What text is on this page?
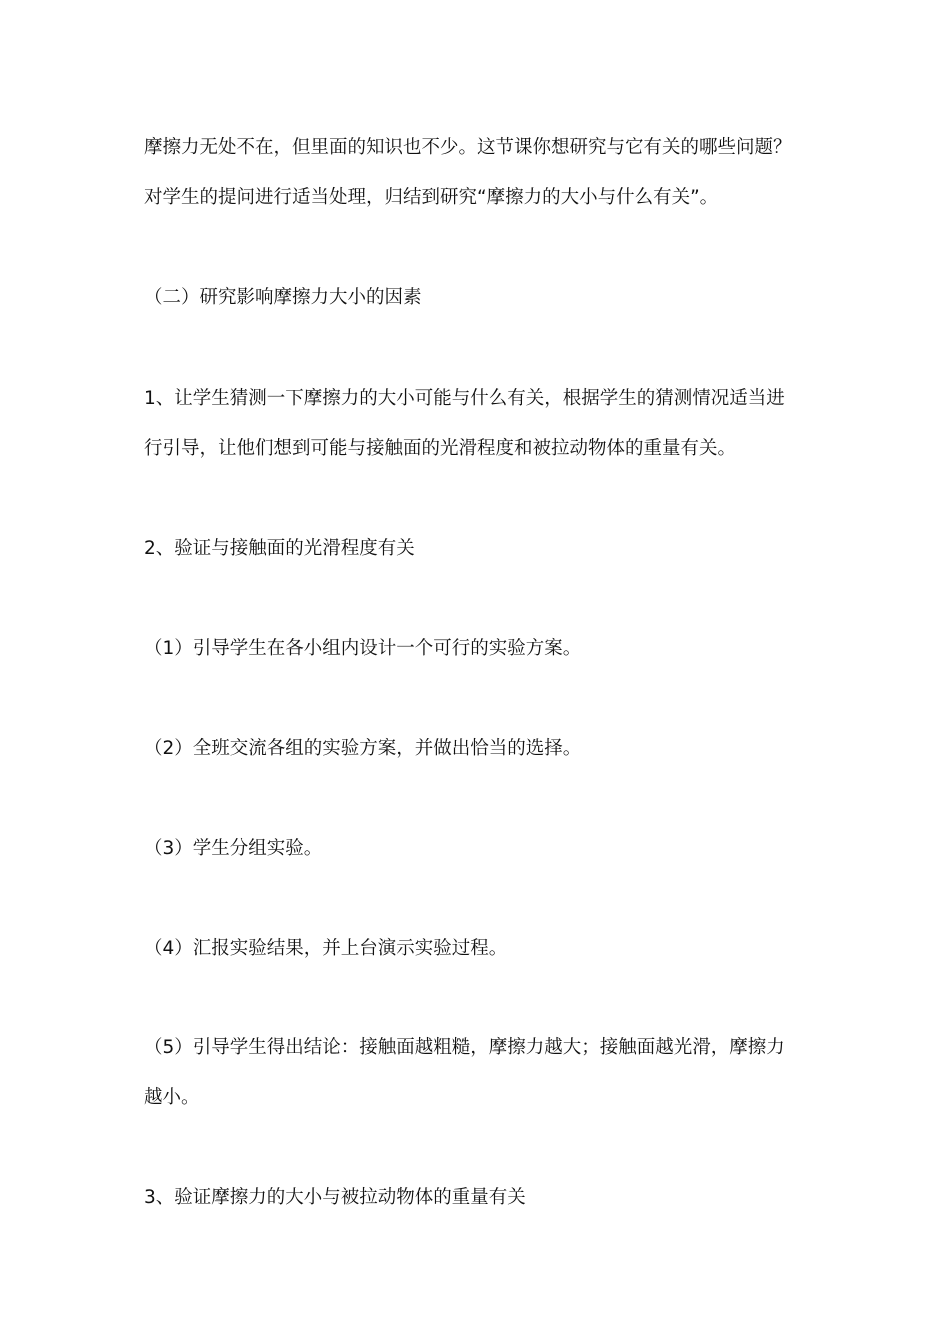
摩擦力无处不在，但里面的知识也不少。这节课你想研究与它有关的哪些问题？
对学生的提问进行适当处理，归结到研究“摩擦力的大小与什么有关”。
（二）研究影响摩擦力大小的因素
1、让学生猜测一下摩擦力的大小可能与什么有关，根据学生的猜测情况适当进
行引导，让他们想到可能与接触面的光滑程度和被拉动物体的重量有关。
2、验证与接触面的光滑程度有关
（1）引导学生在各小组内设计一个可行的实验方案。
（2）全班交流各组的实验方案，并做出恰当的选择。
（3）学生分组实验。
（4）汇报实验结果，并上台演示实验过程。
（5）引导学生得出结论：接触面越粗糙，摩擦力越大；接触面越光滑，摩擦力
越小。
3、验证摩擦力的大小与被拉动物体的重量有关
